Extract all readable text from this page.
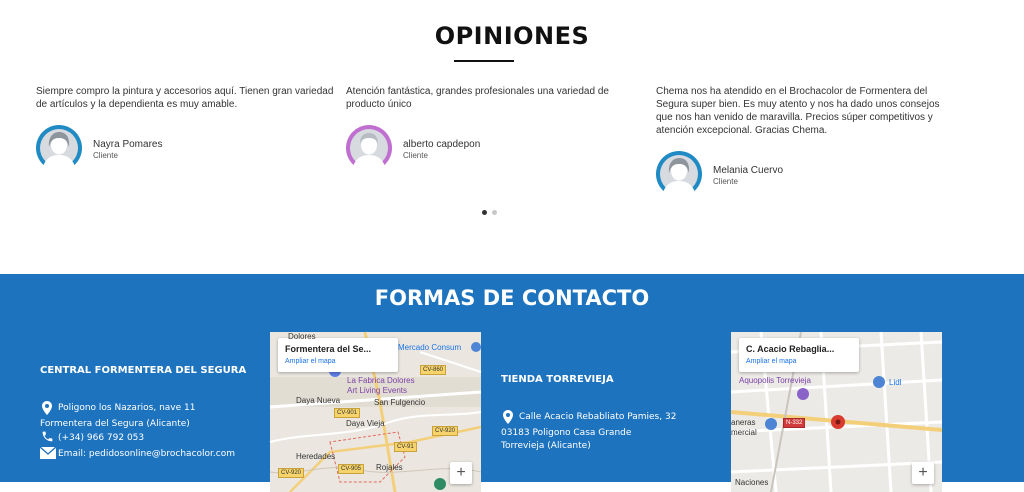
OPINIONES

Siempre compro la pintura y accesorios aquí. Tienen gran variedad de artículos y la dependienta es muy amable.

Nayra Pomares
Cliente

Atención fantástica, grandes profesionales una variedad de producto único

alberto capdepon
Cliente

Chema nos ha atendido en el Brochacolor de Formentera del Segura super bien. Es muy atento y nos ha dado unos consejos que nos han venido de maravilla. Precios súper competitivos y atención excepcional. Gracias Chema.

Melania Cuervo
Cliente
FORMAS DE CONTACTO
CENTRAL FORMENTERA DEL SEGURA
Poligono los Nazarios, nave 11
Formentera del Segura (Alicante)
(+34) 966 792 053
Email: pedidosonline@brochacolor.com
Formentera del Se...
Ampliar el mapa
Dolores
Mercado Consum
La Fabrica Dolores
Art Living Events
Daya Nueva	San Fulgencio
Daya Vieja
Heredades
Rojales
CV-860
CV-901
CV-920
CV-91
CV-905
CV-920	+
TIENDA TORREVIEJA
Calle Acacio Rebabliato Pamies, 32
03183 Poligono Casa Grande
Torrevieja (Alicante)
C. Acacio Rebaglia...
Ampliar el mapa
Aquopolis Torrevieja	Lidl
Naciones
aneras
mercial
N-332
+
